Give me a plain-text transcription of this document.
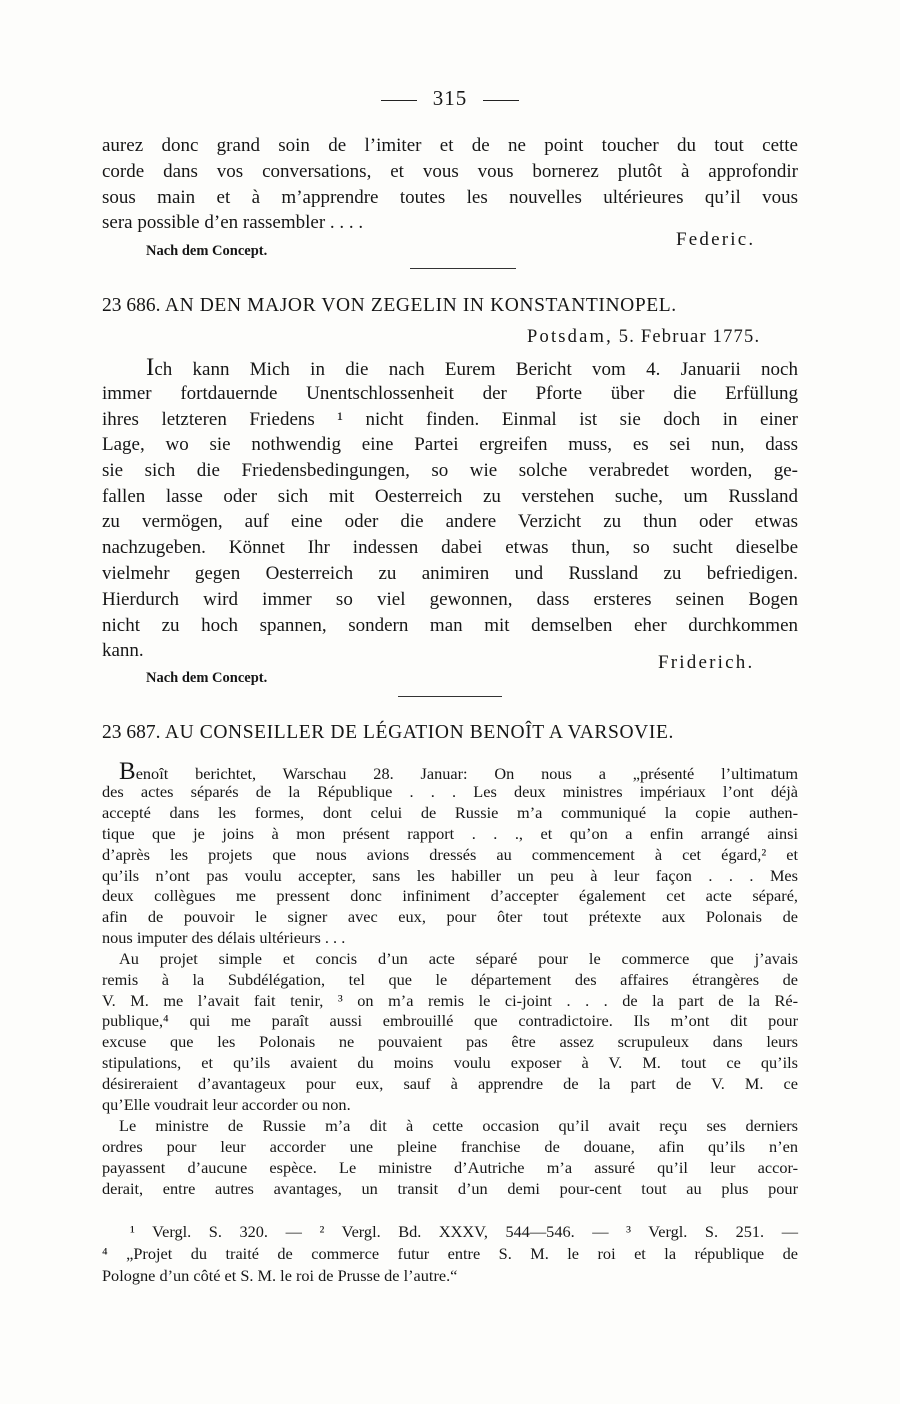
315
aurez donc grand soin de l’imiter et de ne point toucher du tout cette
corde dans vos conversations, et vous vous bornerez plutôt à approfondir
sous main et à m’apprendre toutes les nouvelles ultérieures qu’il vous
sera possible d’en rassembler . . . .
Federic.
Nach dem Concept.
23 686. AN DEN MAJOR VON ZEGELIN IN KONSTANTINOPEL.
Potsdam, 5. Februar 1775.
Ich kann Mich in die nach Eurem Bericht vom 4. Januarii noch
immer fortdauernde Unentschlossenheit der Pforte über die Erfüllung
ihres letzteren Friedens ¹ nicht finden. Einmal ist sie doch in einer
Lage, wo sie nothwendig eine Partei ergreifen muss, es sei nun, dass
sie sich die Friedensbedingungen, so wie solche verabredet worden, ge-
fallen lasse oder sich mit Oesterreich zu verstehen suche, um Russland
zu vermögen, auf eine oder die andere Verzicht zu thun oder etwas
nachzugeben. Könnet Ihr indessen dabei etwas thun, so sucht dieselbe
vielmehr gegen Oesterreich zu animiren und Russland zu befriedigen.
Hierdurch wird immer so viel gewonnen, dass ersteres seinen Bogen
nicht zu hoch spannen, sondern man mit demselben eher durchkommen
kann.
Friderich.
Nach dem Concept.
23 687. AU CONSEILLER DE LÉGATION BENOÎT A VARSOVIE.
Benoît berichtet, Warschau 28. Januar: On nous a „présenté l’ultimatum
des actes séparés de la République . . . Les deux ministres impériaux l’ont déjà
accepté dans les formes, dont celui de Russie m’a communiqué la copie authen-
tique que je joins à mon présent rapport . . ., et qu’on a enfin arrangé ainsi
d’après les projets que nous avions dressés au commencement à cet égard,² et
qu’ils n’ont pas voulu accepter, sans les habiller un peu à leur façon . . . Mes
deux collègues me pressent donc infiniment d’accepter également cet acte séparé,
afin de pouvoir le signer avec eux, pour ôter tout prétexte aux Polonais de
nous imputer des délais ultérieurs . . .
Au projet simple et concis d’un acte séparé pour le commerce que j’avais
remis à la Subdélégation, tel que le département des affaires étrangères de
V. M. me l’avait fait tenir, ³ on m’a remis le ci-joint . . . de la part de la Ré-
publique,⁴ qui me paraît aussi embrouillé que contradictoire. Ils m’ont dit pour
excuse que les Polonais ne pouvaient pas être assez scrupuleux dans leurs
stipulations, et qu’ils avaient du moins voulu exposer à V. M. tout ce qu’ils
désireraient d’avantageux pour eux, sauf à apprendre de la part de V. M. ce
qu’Elle voudrait leur accorder ou non.
Le ministre de Russie m’a dit à cette occasion qu’il avait reçu ses derniers
ordres pour leur accorder une pleine franchise de douane, afin qu’ils n’en
payassent d’aucune espèce. Le ministre d’Autriche m’a assuré qu’il leur accor-
derait, entre autres avantages, un transit d’un demi pour-cent tout au plus pour
¹ Vergl. S. 320. — ² Vergl. Bd. XXXV, 544—546. — ³ Vergl. S. 251. —
⁴ „Projet du traité de commerce futur entre S. M. le roi et la république de
Pologne d’un côté et S. M. le roi de Prusse de l’autre.“
